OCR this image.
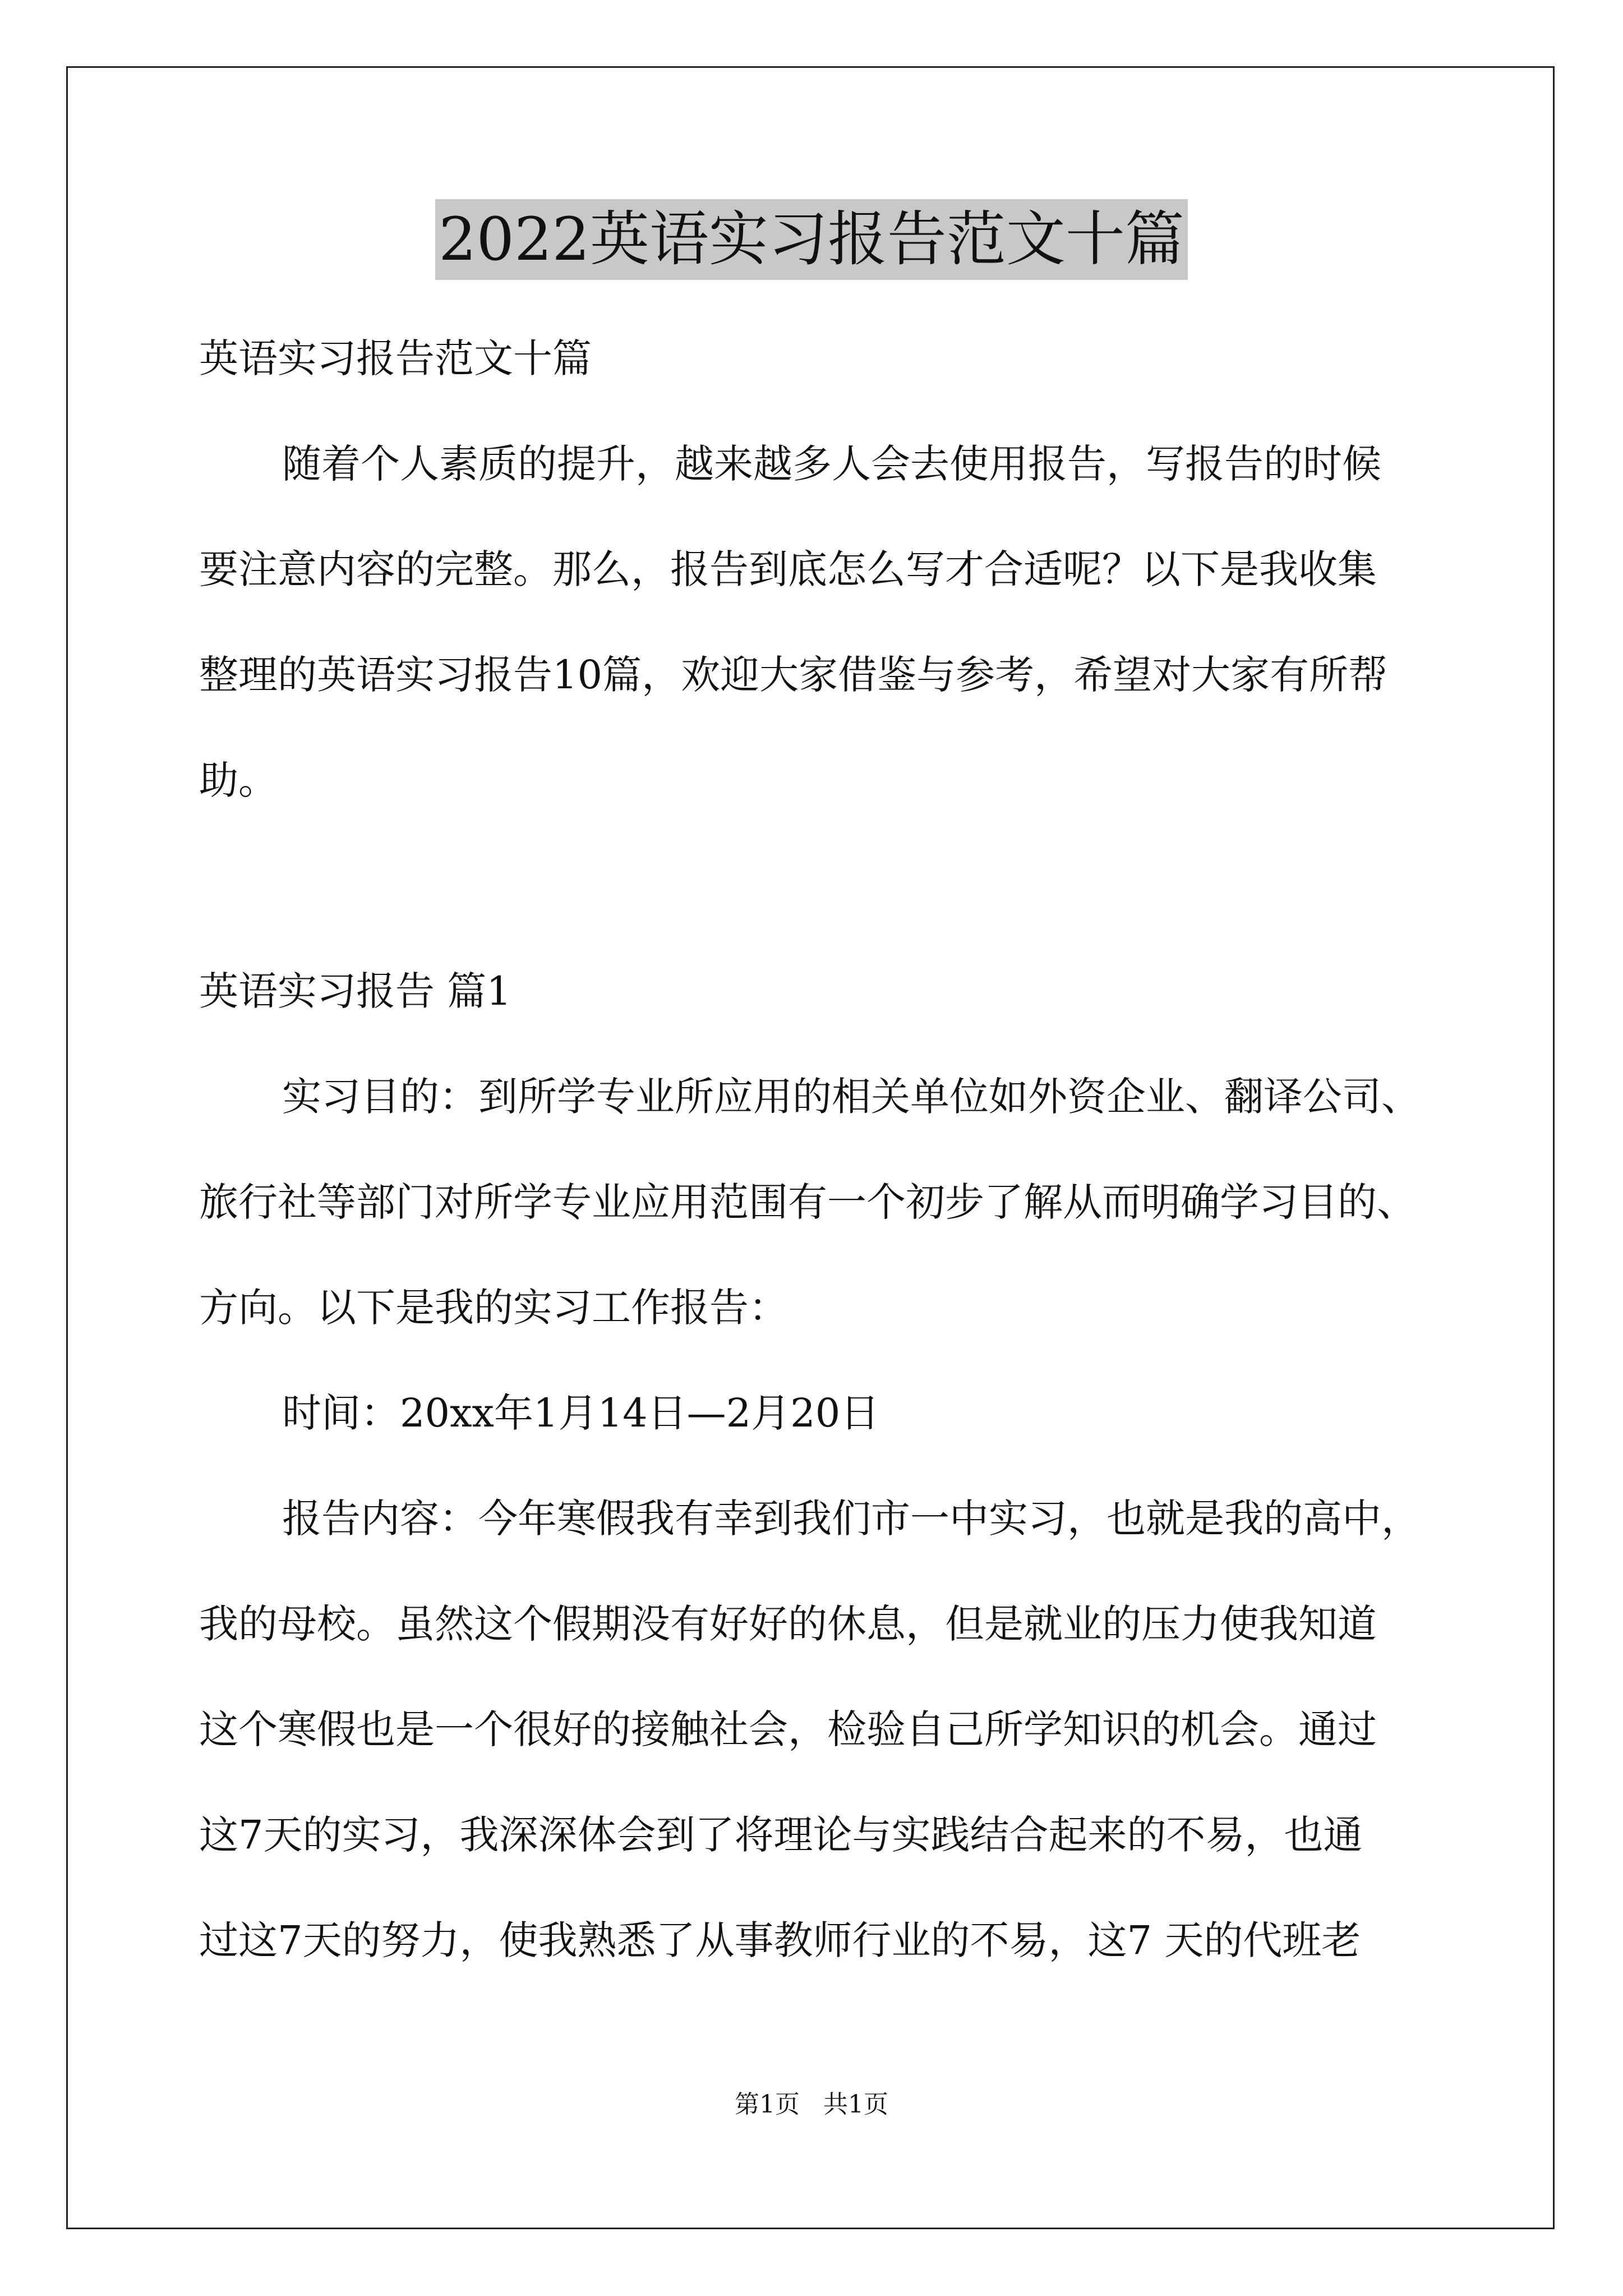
2022英语实习报告范文十篇

英语实习报告范文十篇

随着个人素质的提升，越来越多人会去使用报告，写报告的时候

要注意内容的完整。那么，报告到底怎么写才合适呢？以下是我收集

整理的英语实习报告10篇，欢迎大家借鉴与参考，希望对大家有所帮

助。

英语实习报告 篇1

实习目的：到所学专业所应用的相关单位如外资企业、翻译公司、

旅行社等部门对所学专业应用范围有一个初步了解从而明确学习目的、

方向。以下是我的实习工作报告：

时间：20xx年1月14日—2月20日

报告内容：今年寒假我有幸到我们市一中实习，也就是我的高中，

我的母校。虽然这个假期没有好好的休息，但是就业的压力使我知道

这个寒假也是一个很好的接触社会，检验自己所学知识的机会。通过

这7天的实习，我深深体会到了将理论与实践结合起来的不易，也通

过这7天的努力，使我熟悉了从事教师行业的不易，这7 天的代班老

第1页   共1页
